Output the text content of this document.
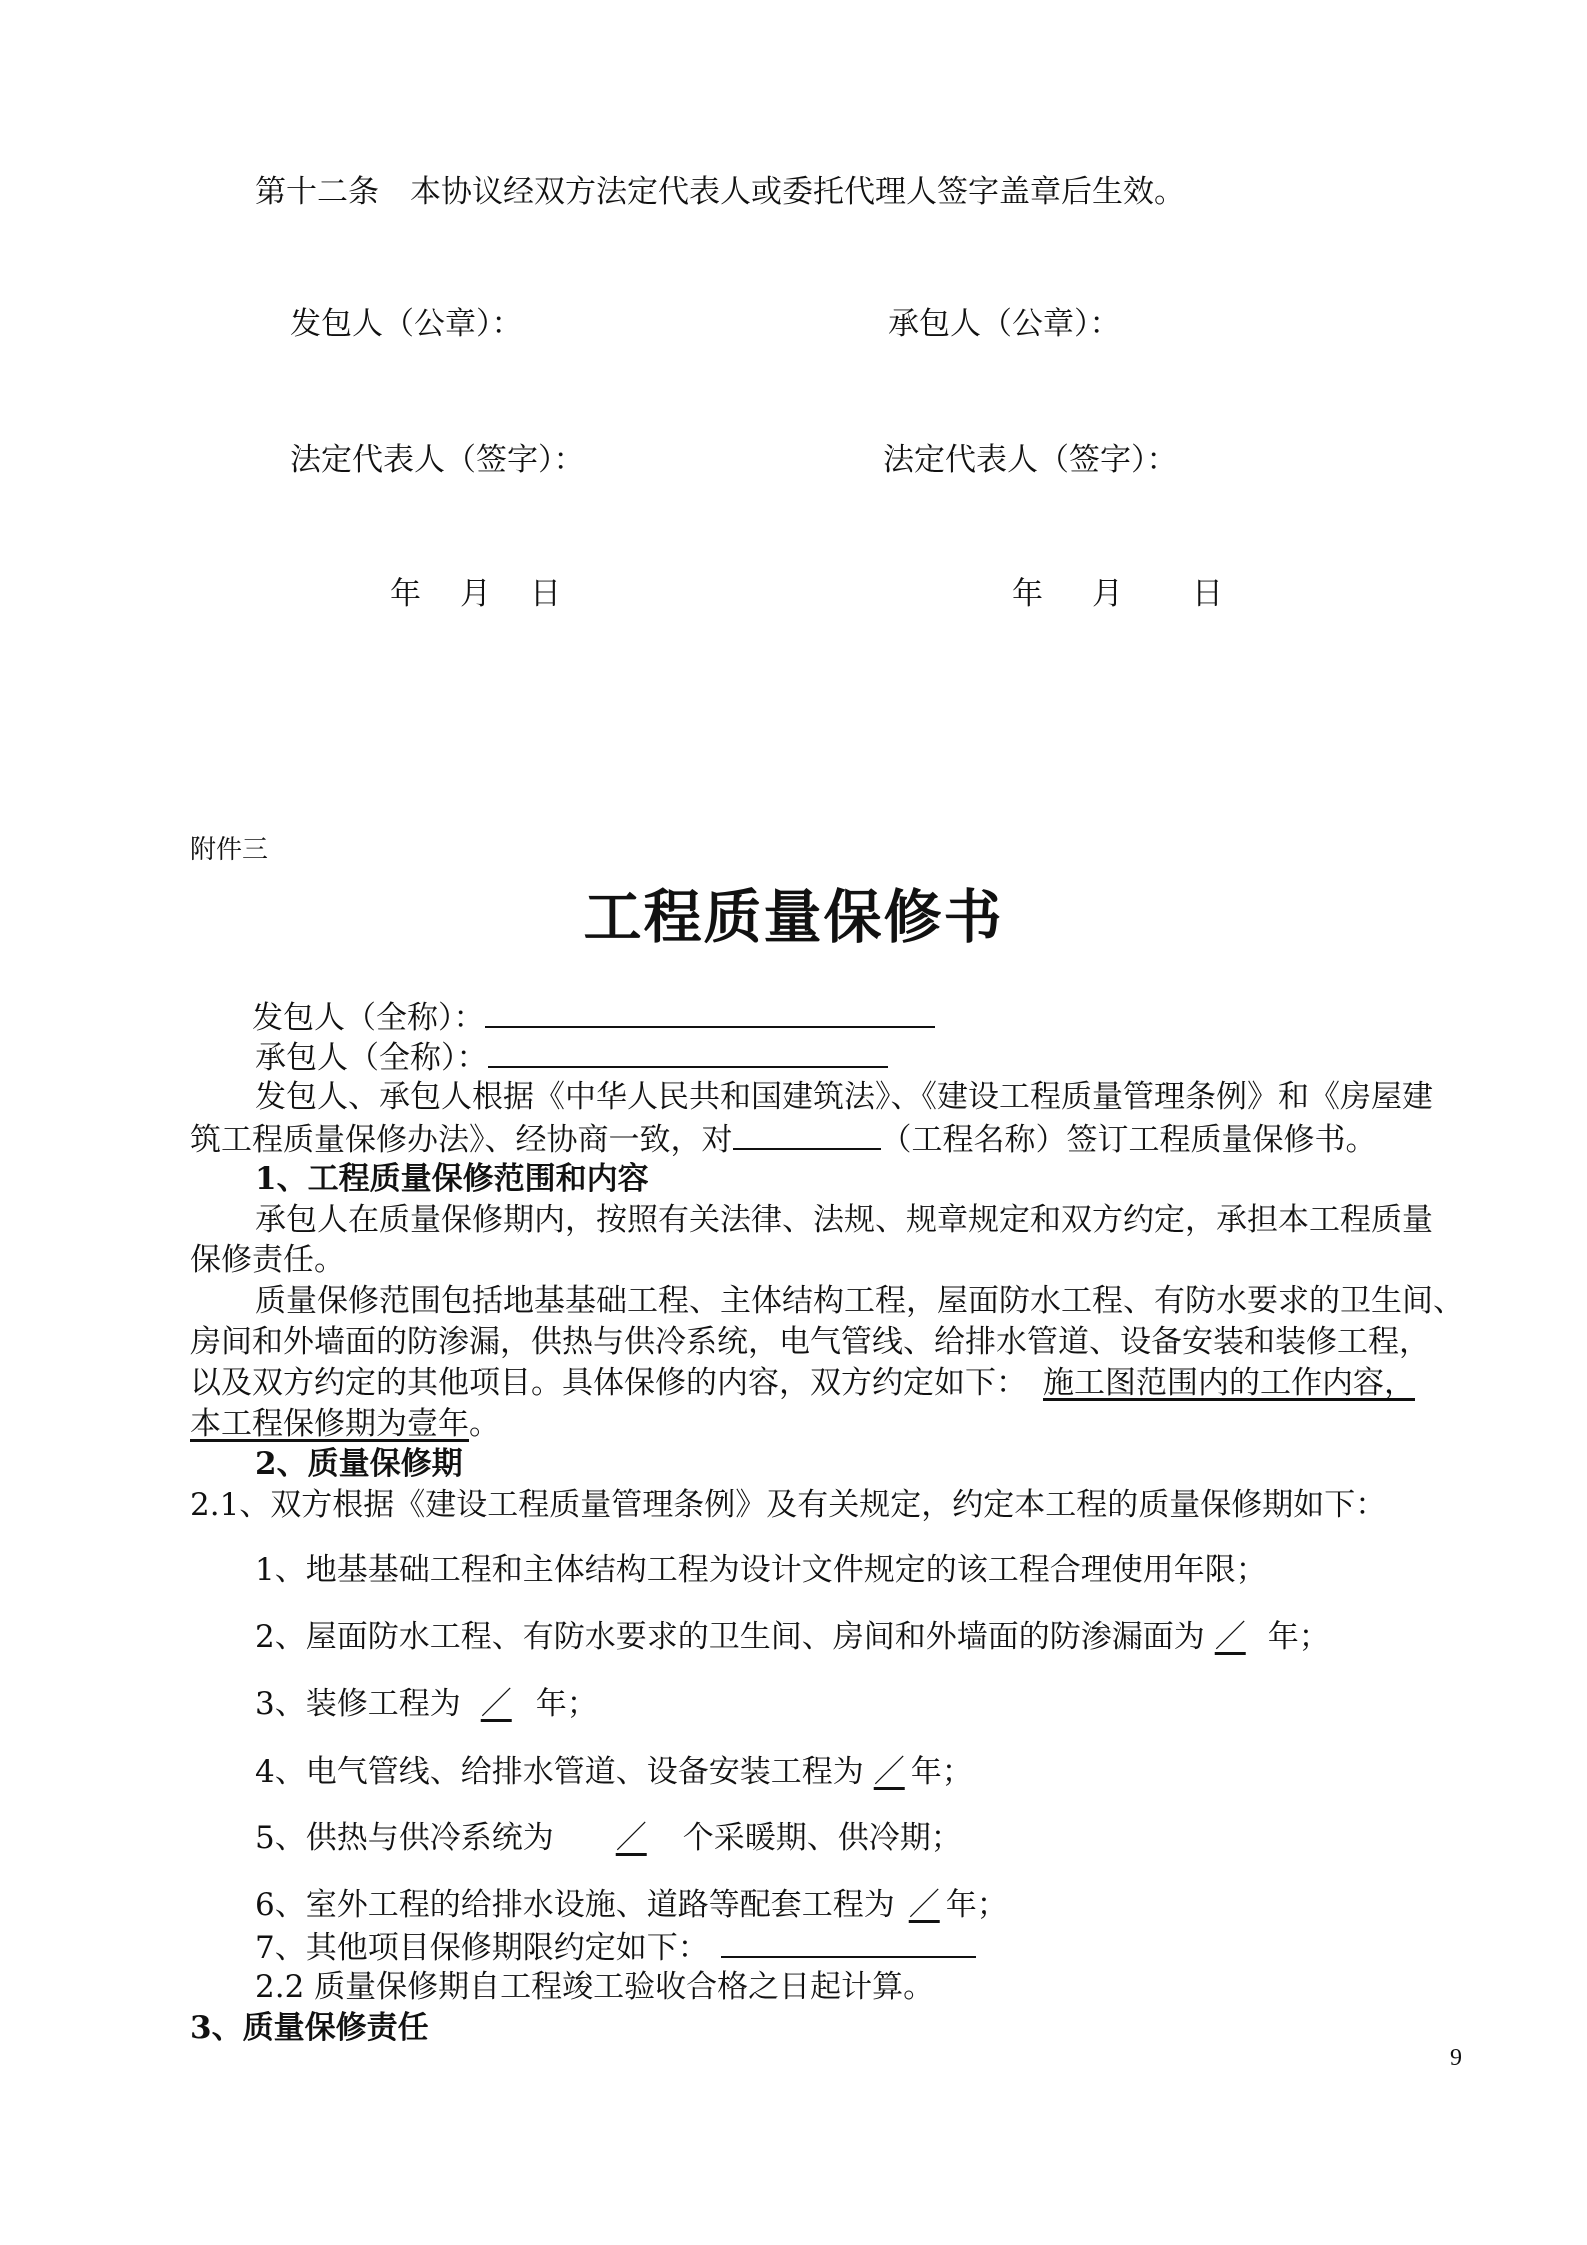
第十二条　本协议经双方法定代表人或委托代理人签字盖章后生效。
发包人（公章）：	承包人（公章）：
法定代表人（签字）：	法定代表人（签字）：
年 月 日	年 月 日
附件三
工程质量保修书
发包人（全称）：
承包人（全称）：
发包人、承包人根据《中华人民共和国建筑法》、《建设工程质量管理条例》和《房屋建
筑工程质量保修办法》、经协商一致，对	（工程名称）签订工程质量保修书。
1、工程质量保修范围和内容
承包人在质量保修期内，按照有关法律、法规、规章规定和双方约定，承担本工程质量
保修责任。
质量保修范围包括地基基础工程、主体结构工程，屋面防水工程、有防水要求的卫生间、
房间和外墙面的防渗漏，供热与供冷系统，电气管线、给排水管道、设备安装和装修工程，
以及双方约定的其他项目。具体保修的内容，双方约定如下： 施工图范围内的工作内容，
本工程保修期为壹年。
2、质量保修期
2.1、双方根据《建设工程质量管理条例》及有关规定，约定本工程的质量保修期如下：
1、地基基础工程和主体结构工程为设计文件规定的该工程合理使用年限；
2、屋面防水工程、有防水要求的卫生间、房间和外墙面的防渗漏面为 ／ 年；
3、装修工程为 ／ 年；
4、电气管线、给排水管道、设备安装工程为 ／ 年；
5、供热与供冷系统为 ／ 个采暖期、供冷期；
6、室外工程的给排水设施、道路等配套工程为 ／ 年；
7、其他项目保修期限约定如下：
2.2 质量保修期自工程竣工验收合格之日起计算。
3、质量保修责任
9
